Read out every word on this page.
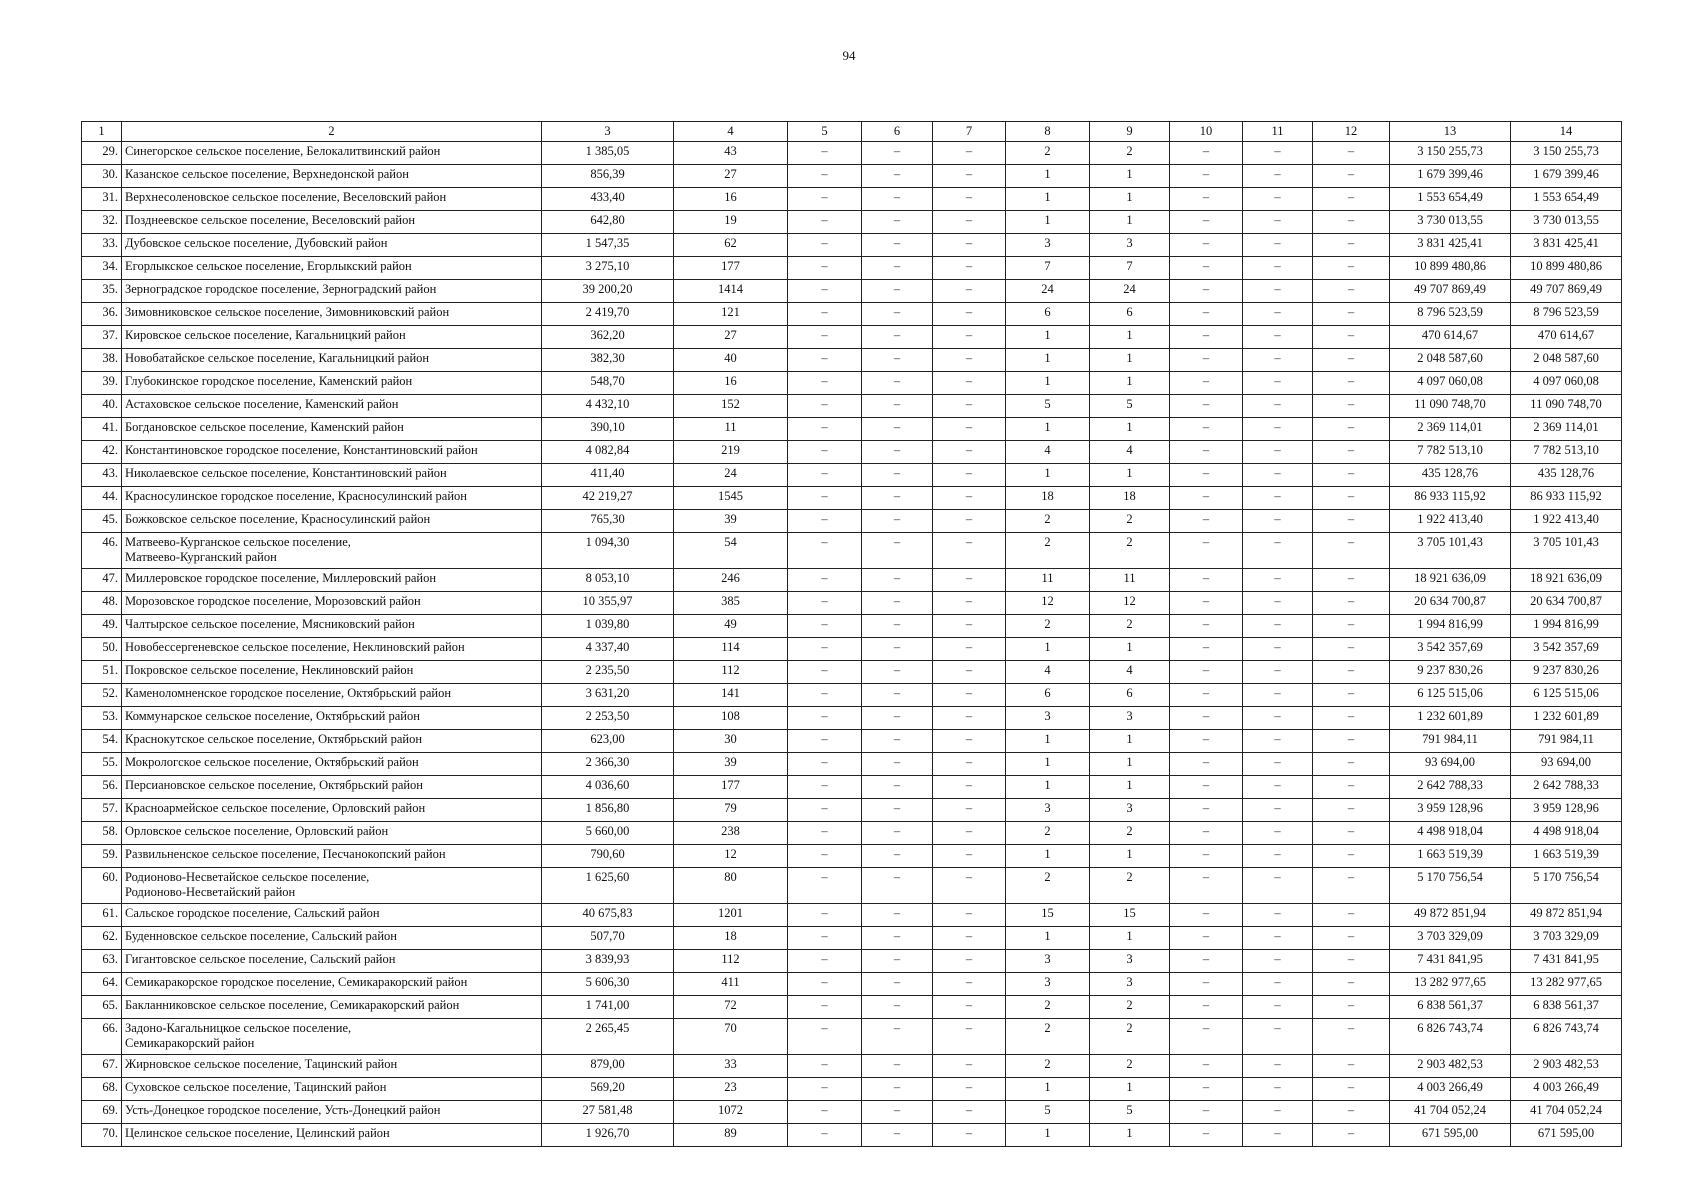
94
1	2	3	4	5	6	7	8	9	10	11	12	13	14
29.	Синегорское сельское поселение, Белокалитвинский район	1 385,05	43	–	–	–	2	2	–	–	–	3 150 255,73	3 150 255,73
30.	Казанское сельское поселение, Верхнедонской район	856,39	27	–	–	–	1	1	–	–	–	1 679 399,46	1 679 399,46
31.	Верхнесоленовское сельское поселение, Веселовский район	433,40	16	–	–	–	1	1	–	–	–	1 553 654,49	1 553 654,49
32.	Позднеевское сельское поселение, Веселовский район	642,80	19	–	–	–	1	1	–	–	–	3 730 013,55	3 730 013,55
33.	Дубовское сельское поселение, Дубовский район	1 547,35	62	–	–	–	3	3	–	–	–	3 831 425,41	3 831 425,41
34.	Егорлыкское сельское поселение, Егорлыкский район	3 275,10	177	–	–	–	7	7	–	–	–	10 899 480,86	10 899 480,86
35.	Зерноградское городское поселение, Зерноградский район	39 200,20	1414	–	–	–	24	24	–	–	–	49 707 869,49	49 707 869,49
36.	Зимовниковское сельское поселение, Зимовниковский район	2 419,70	121	–	–	–	6	6	–	–	–	8 796 523,59	8 796 523,59
37.	Кировское сельское поселение, Кагальницкий район	362,20	27	–	–	–	1	1	–	–	–	470 614,67	470 614,67
38.	Новобатайское сельское поселение, Кагальницкий район	382,30	40	–	–	–	1	1	–	–	–	2 048 587,60	2 048 587,60
39.	Глубокинское городское поселение, Каменский район	548,70	16	–	–	–	1	1	–	–	–	4 097 060,08	4 097 060,08
40.	Астаховское сельское поселение, Каменский район	4 432,10	152	–	–	–	5	5	–	–	–	11 090 748,70	11 090 748,70
41.	Богдановское сельское поселение, Каменский район	390,10	11	–	–	–	1	1	–	–	–	2 369 114,01	2 369 114,01
42.	Константиновское городское поселение, Константиновский район	4 082,84	219	–	–	–	4	4	–	–	–	7 782 513,10	7 782 513,10
43.	Николаевское сельское поселение, Константиновский район	411,40	24	–	–	–	1	1	–	–	–	435 128,76	435 128,76
44.	Красносулинское городское поселение, Красносулинский район	42 219,27	1545	–	–	–	18	18	–	–	–	86 933 115,92	86 933 115,92
45.	Божковское сельское поселение, Красносулинский район	765,30	39	–	–	–	2	2	–	–	–	1 922 413,40	1 922 413,40
46.	Матвеево-Курганское сельское поселение,
Матвеево-Курганский район	1 094,30	54	–	–	–	2	2	–	–	–	3 705 101,43	3 705 101,43
47.	Миллеровское городское поселение, Миллеровский район	8 053,10	246	–	–	–	11	11	–	–	–	18 921 636,09	18 921 636,09
48.	Морозовское городское поселение, Морозовский район	10 355,97	385	–	–	–	12	12	–	–	–	20 634 700,87	20 634 700,87
49.	Чалтырское сельское поселение, Мясниковский район	1 039,80	49	–	–	–	2	2	–	–	–	1 994 816,99	1 994 816,99
50.	Новобессергеневское сельское поселение, Неклиновский район	4 337,40	114	–	–	–	1	1	–	–	–	3 542 357,69	3 542 357,69
51.	Покровское сельское поселение, Неклиновский район	2 235,50	112	–	–	–	4	4	–	–	–	9 237 830,26	9 237 830,26
52.	Каменоломненское городское поселение, Октябрьский район	3 631,20	141	–	–	–	6	6	–	–	–	6 125 515,06	6 125 515,06
53.	Коммунарское сельское поселение, Октябрьский район	2 253,50	108	–	–	–	3	3	–	–	–	1 232 601,89	1 232 601,89
54.	Краснокутское сельское поселение, Октябрьский район	623,00	30	–	–	–	1	1	–	–	–	791 984,11	791 984,11
55.	Мокрологское сельское поселение, Октябрьский район	2 366,30	39	–	–	–	1	1	–	–	–	93 694,00	93 694,00
56.	Персиановское сельское поселение, Октябрьский район	4 036,60	177	–	–	–	1	1	–	–	–	2 642 788,33	2 642 788,33
57.	Красноармейское сельское поселение, Орловский район	1 856,80	79	–	–	–	3	3	–	–	–	3 959 128,96	3 959 128,96
58.	Орловское сельское поселение, Орловский район	5 660,00	238	–	–	–	2	2	–	–	–	4 498 918,04	4 498 918,04
59.	Развильненское сельское поселение, Песчанокопский район	790,60	12	–	–	–	1	1	–	–	–	1 663 519,39	1 663 519,39
60.	Родионово-Несветайское сельское поселение,
Родионово-Несветайский район	1 625,60	80	–	–	–	2	2	–	–	–	5 170 756,54	5 170 756,54
61.	Сальское городское поселение, Сальский район	40 675,83	1201	–	–	–	15	15	–	–	–	49 872 851,94	49 872 851,94
62.	Буденновское сельское поселение, Сальский район	507,70	18	–	–	–	1	1	–	–	–	3 703 329,09	3 703 329,09
63.	Гигантовское сельское поселение, Сальский район	3 839,93	112	–	–	–	3	3	–	–	–	7 431 841,95	7 431 841,95
64.	Семикаракорское городское поселение, Семикаракорский район	5 606,30	411	–	–	–	3	3	–	–	–	13 282 977,65	13 282 977,65
65.	Бакланниковское сельское поселение, Семикаракорский район	1 741,00	72	–	–	–	2	2	–	–	–	6 838 561,37	6 838 561,37
66.	Задоно-Кагальницкое сельское поселение,
Семикаракорский район	2 265,45	70	–	–	–	2	2	–	–	–	6 826 743,74	6 826 743,74
67.	Жирновское сельское поселение, Тацинский район	879,00	33	–	–	–	2	2	–	–	–	2 903 482,53	2 903 482,53
68.	Суховское сельское поселение, Тацинский район	569,20	23	–	–	–	1	1	–	–	–	4 003 266,49	4 003 266,49
69.	Усть-Донецкое городское поселение, Усть-Донецкий район	27 581,48	1072	–	–	–	5	5	–	–	–	41 704 052,24	41 704 052,24
70.	Целинское сельское поселение, Целинский район	1 926,70	89	–	–	–	1	1	–	–	–	671 595,00	671 595,00
